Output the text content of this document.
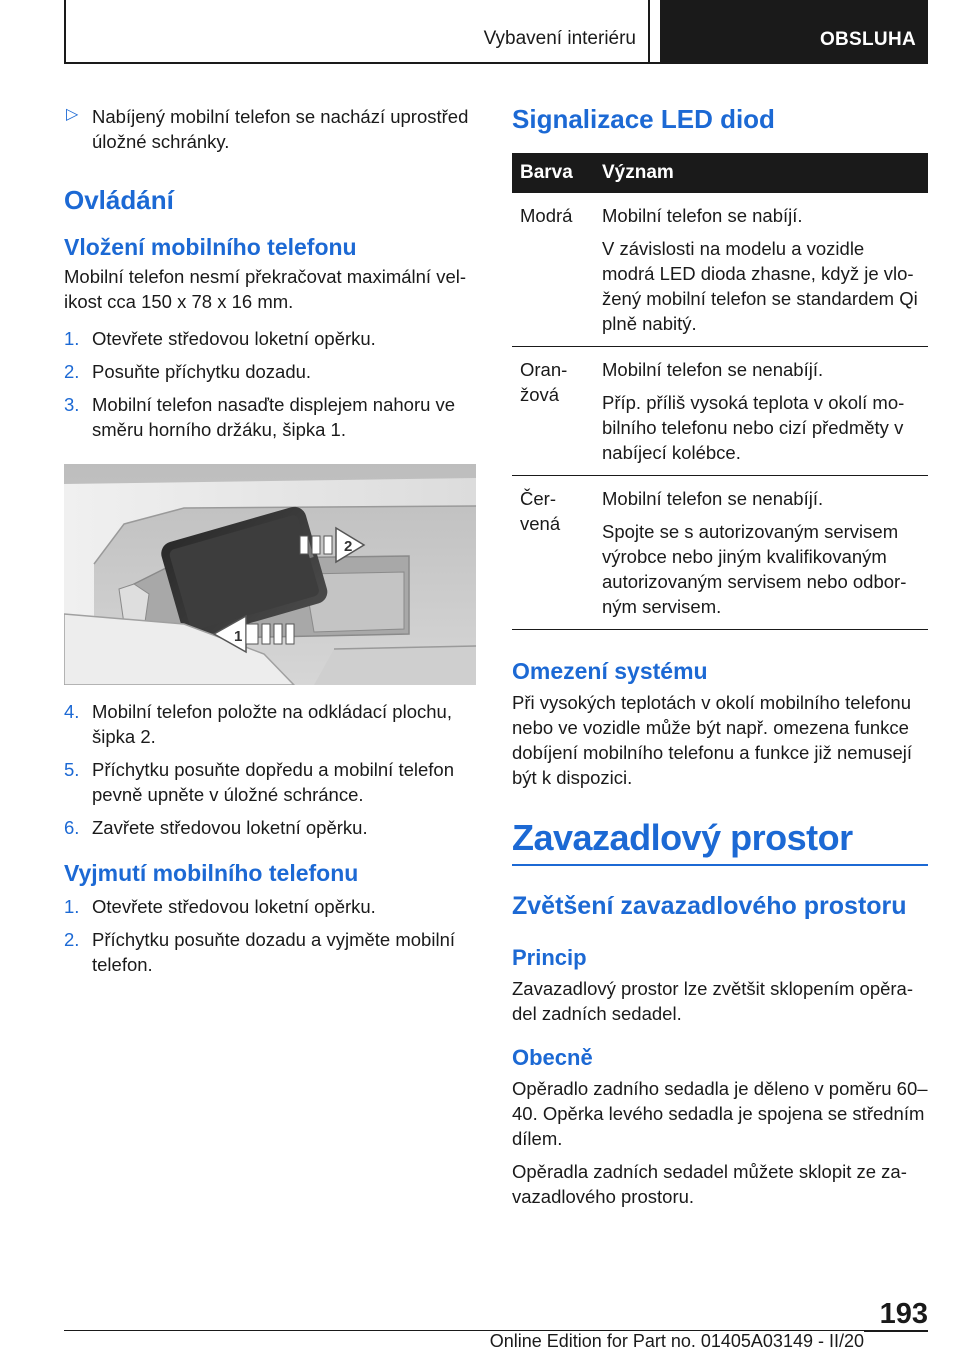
Vybavení interiéru	OBSLUHA
▷ Nabíjený mobilní telefon se nachází uprostřed úložné schránky.

Ovládání
Vložení mobilního telefonu

Mobilní telefon nesmí překračovat maximální velikost cca 150 x 78 x 16 mm.

1. Otevřete středovou loketní opěrku.
2. Posuňte příchytku dozadu.
3. Mobilní telefon nasaďte displejem nahoru ve směru horního držáku, šipka 1.
2
1
4. Mobilní telefon položte na odkládací plochu, šipka 2.
5. Příchytku posuňte dopředu a mobilní telefon pevně upněte v úložné schránce.
6. Zavřete středovou loketní opěrku.
Vyjmutí mobilního telefonu
1. Otevřete středovou loketní opěrku.
2. Příchytku posuňte dozadu a vyjměte mobilní telefon.
Signalizace LED diod
Barva	Význam
Modrá	Mobilní telefon se nabíjí.

V závislosti na modelu a vozidle modrá LED dioda zhasne, když je vložený mobilní telefon se standardem Qi plně nabitý.

Oranžová	Mobilní telefon se nenabíjí.

Příp. příliš vysoká teplota v okolí mobilního telefonu nebo cizí předměty v nabíjecí kolébce.

Červená	Mobilní telefon se nenabíjí.

Spojte se s autorizovaným servisem výrobce nebo jiným kvalifikovaným autorizovaným servisem nebo odborným servisem.

Omezení systému

Při vysokých teplotách v okolí mobilního telefonu nebo ve vozidle může být např. omezena funkce dobíjení mobilního telefonu a funkce již nemusejí být k dispozici.

Zavazadlový prostor
Zvětšení zavazadlového prostoru
Princip

Zavazadlový prostor lze zvětšit sklopením opěradel zadních sedadel.

Obecně

Opěradlo zadního sedadla je děleno v poměru 60–40. Opěrka levého sedadla je spojena se středním dílem.

Opěradla zadních sedadel můžete sklopit ze zavazadlového prostoru.

193
Online Edition for Part no. 01405A03149 - II/20
